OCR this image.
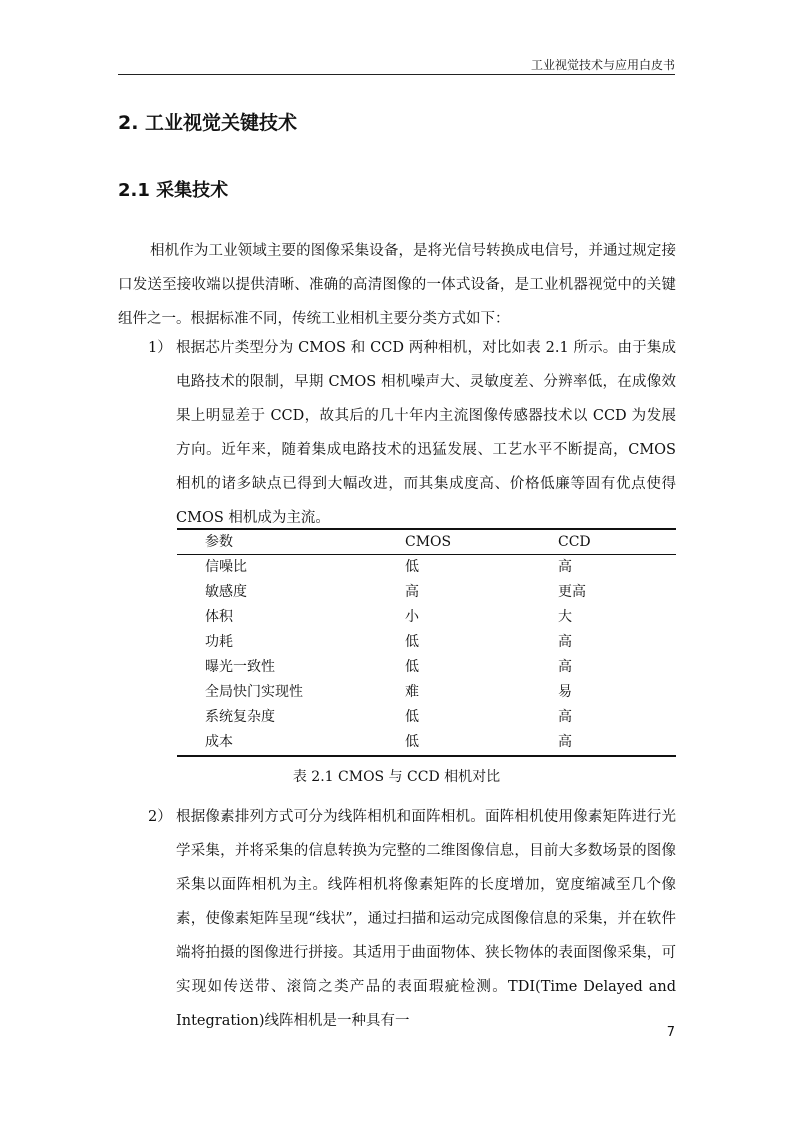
工业视觉技术与应用白皮书
2. 工业视觉关键技术
2.1 采集技术
相机作为工业领域主要的图像采集设备，是将光信号转换成电信号，并通过规定接口发送至接收端以提供清晰、准确的高清图像的一体式设备，是工业机器视觉中的关键组件之一。根据标准不同，传统工业相机主要分类方式如下：
1） 根据芯片类型分为 CMOS 和 CCD 两种相机，对比如表 2.1 所示。由于集成电路技术的限制，早期 CMOS 相机噪声大、灵敏度差、分辨率低，在成像效果上明显差于 CCD，故其后的几十年内主流图像传感器技术以 CCD 为发展方向。近年来，随着集成电路技术的迅猛发展、工艺水平不断提高，CMOS 相机的诸多缺点已得到大幅改进，而其集成度高、价格低廉等固有优点使得 CMOS 相机成为主流。
参数	CMOS	CCD
信噪比	低	高
敏感度	高	更高
体积	小	大
功耗	低	高
曝光一致性	低	高
全局快门实现性	难	易
系统复杂度	低	高
成本	低	高
表 2.1 CMOS 与 CCD 相机对比
2） 根据像素排列方式可分为线阵相机和面阵相机。面阵相机使用像素矩阵进行光学采集，并将采集的信息转换为完整的二维图像信息，目前大多数场景的图像采集以面阵相机为主。线阵相机将像素矩阵的长度增加，宽度缩减至几个像素，使像素矩阵呈现“线状”，通过扫描和运动完成图像信息的采集，并在软件端将拍摄的图像进行拼接。其适用于曲面物体、狭长物体的表面图像采集，可实现如传送带、滚筒之类产品的表面瑕疵检测。TDI(Time Delayed and Integration)线阵相机是一种具有一
7
